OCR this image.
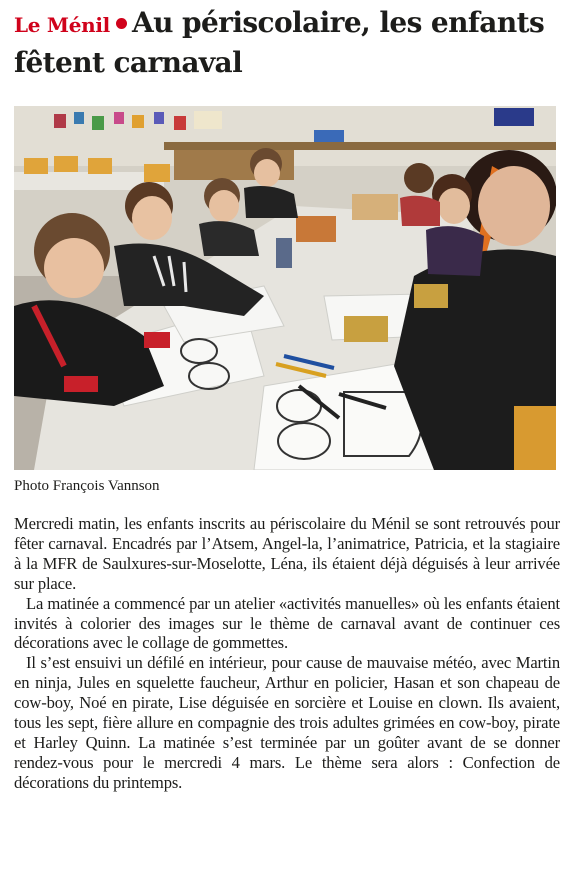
Le Ménil Au périscolaire, les enfants fêtent carnaval

Photo François Vannson

Mercredi matin, les enfants inscrits au périscolaire du Ménil se sont retrouvés pour fêter carnaval. Encadrés par l’Atsem, Angel-la, l’animatrice, Patricia, et la stagiaire à la MFR de Saulxures-sur-Moselotte, Léna, ils étaient déjà déguisés à leur arrivée sur place.

La matinée a commencé par un atelier «activités manuelles» où les enfants étaient invités à colorier des images sur le thème de carnaval avant de continuer ces décorations avec le collage de gommettes.

Il s’est ensuivi un défilé en intérieur, pour cause de mauvaise météo, avec Martin en ninja, Jules en squelette faucheur, Arthur en policier, Hasan et son chapeau de cow-boy, Noé en pirate, Lise déguisée en sorcière et Louise en clown. Ils avaient, tous les sept, fière allure en compagnie des trois adultes grimées en cow-boy, pirate et Harley Quinn. La matinée s’est terminée par un goûter avant de se donner rendez-vous pour le mercredi 4 mars. Le thème sera alors : Confection de décorations du printemps.
